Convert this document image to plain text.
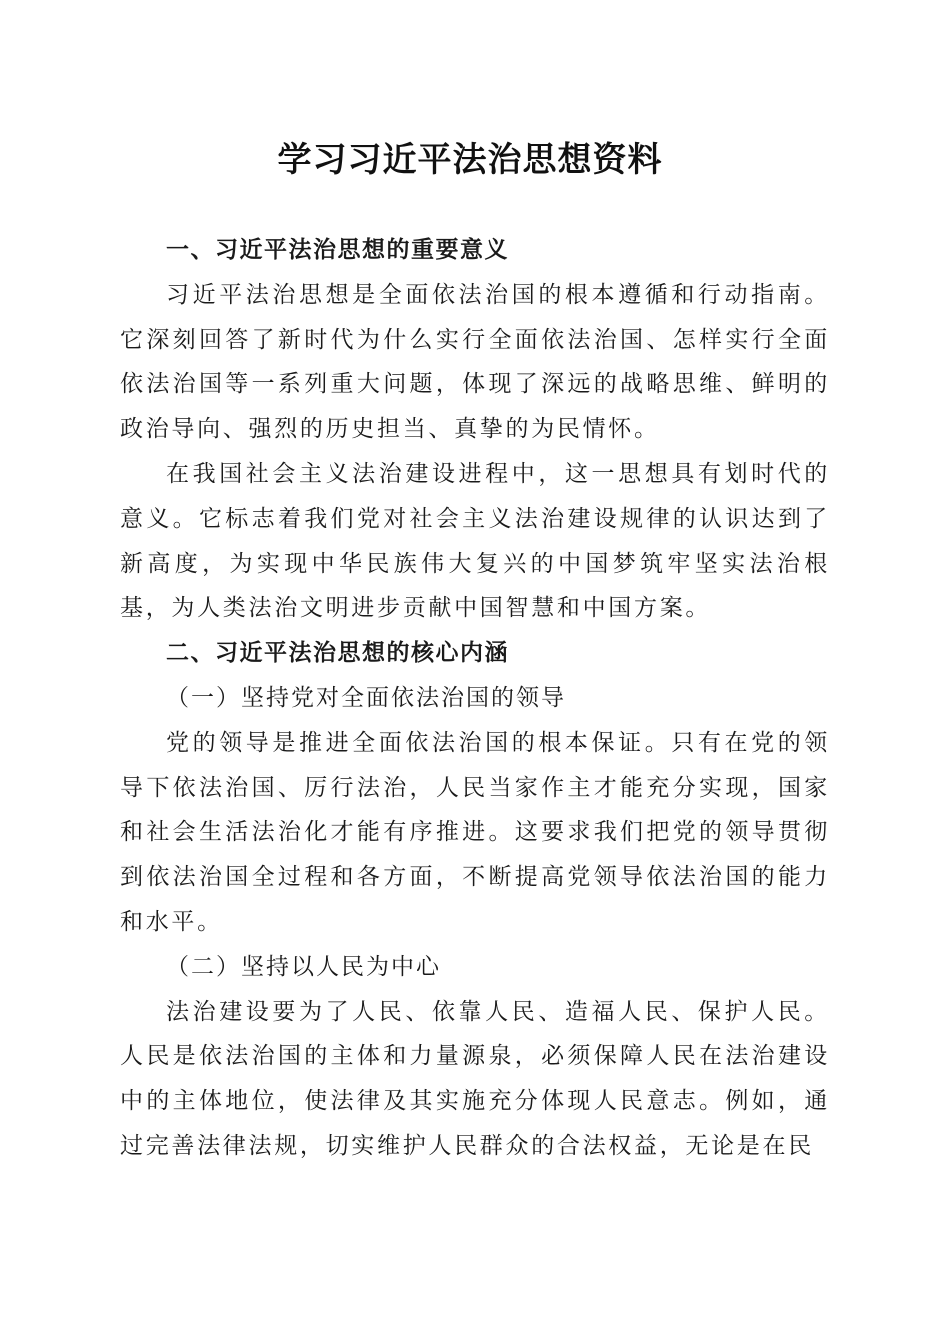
学习习近平法治思想资料

一、习近平法治思想的重要意义

习近平法治思想是全面依法治国的根本遵循和行动指南。它深刻回答了新时代为什么实行全面依法治国、怎样实行全面依法治国等一系列重大问题，体现了深远的战略思维、鲜明的政治导向、强烈的历史担当、真挚的为民情怀。

在我国社会主义法治建设进程中，这一思想具有划时代的意义。它标志着我们党对社会主义法治建设规律的认识达到了新高度，为实现中华民族伟大复兴的中国梦筑牢坚实法治根基，为人类法治文明进步贡献中国智慧和中国方案。

二、习近平法治思想的核心内涵

（一）坚持党对全面依法治国的领导

党的领导是推进全面依法治国的根本保证。只有在党的领导下依法治国、厉行法治，人民当家作主才能充分实现，国家和社会生活法治化才能有序推进。这要求我们把党的领导贯彻到依法治国全过程和各方面，不断提高党领导依法治国的能力和水平。

（二）坚持以人民为中心

法治建设要为了人民、依靠人民、造福人民、保护人民。人民是依法治国的主体和力量源泉，必须保障人民在法治建设中的主体地位，使法律及其实施充分体现人民意志。例如，通过完善法律法规，切实维护人民群众的合法权益，无论是在民
